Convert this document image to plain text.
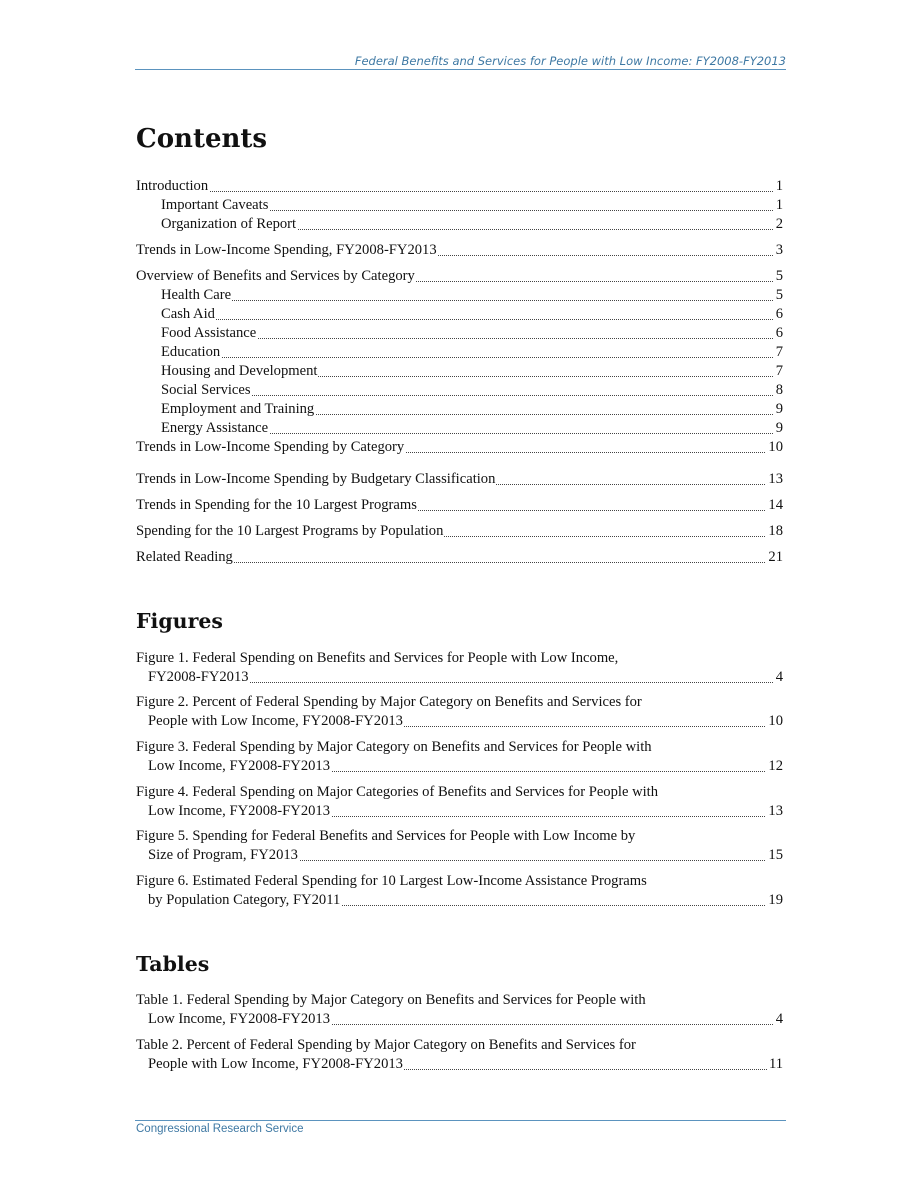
Federal Benefits and Services for People with Low Income: FY2008-FY2013
Contents
Introduction	1
Important Caveats	1
Organization of Report	2
Trends in Low-Income Spending, FY2008-FY2013	3
Overview of Benefits and Services by Category	5
Health Care	5
Cash Aid	6
Food Assistance	6
Education	7
Housing and Development	7
Social Services	8
Employment and Training	9
Energy Assistance	9
Trends in Low-Income Spending by Category	10
Trends in Low-Income Spending by Budgetary Classification	13
Trends in Spending for the 10 Largest Programs	14
Spending for the 10 Largest Programs by Population	18
Related Reading	21
Figures
Figure 1. Federal Spending on Benefits and Services for People with Low Income,
FY2008-FY2013	4
Figure 2. Percent of Federal Spending by Major Category on Benefits and Services for
People with Low Income, FY2008-FY2013	10
Figure 3. Federal Spending by Major Category on Benefits and Services for People with
Low Income, FY2008-FY2013	12
Figure 4. Federal Spending on Major Categories of Benefits and Services for People with
Low Income, FY2008-FY2013	13
Figure 5. Spending for Federal Benefits and Services for People with Low Income by
Size of Program, FY2013	15
Figure 6. Estimated Federal Spending for 10 Largest Low-Income Assistance Programs
by Population Category, FY2011	19
Tables
Table 1. Federal Spending by Major Category on Benefits and Services for People with
Low Income, FY2008-FY2013	4
Table 2. Percent of Federal Spending by Major Category on Benefits and Services for
People with Low Income, FY2008-FY2013	11
Congressional Research Service
